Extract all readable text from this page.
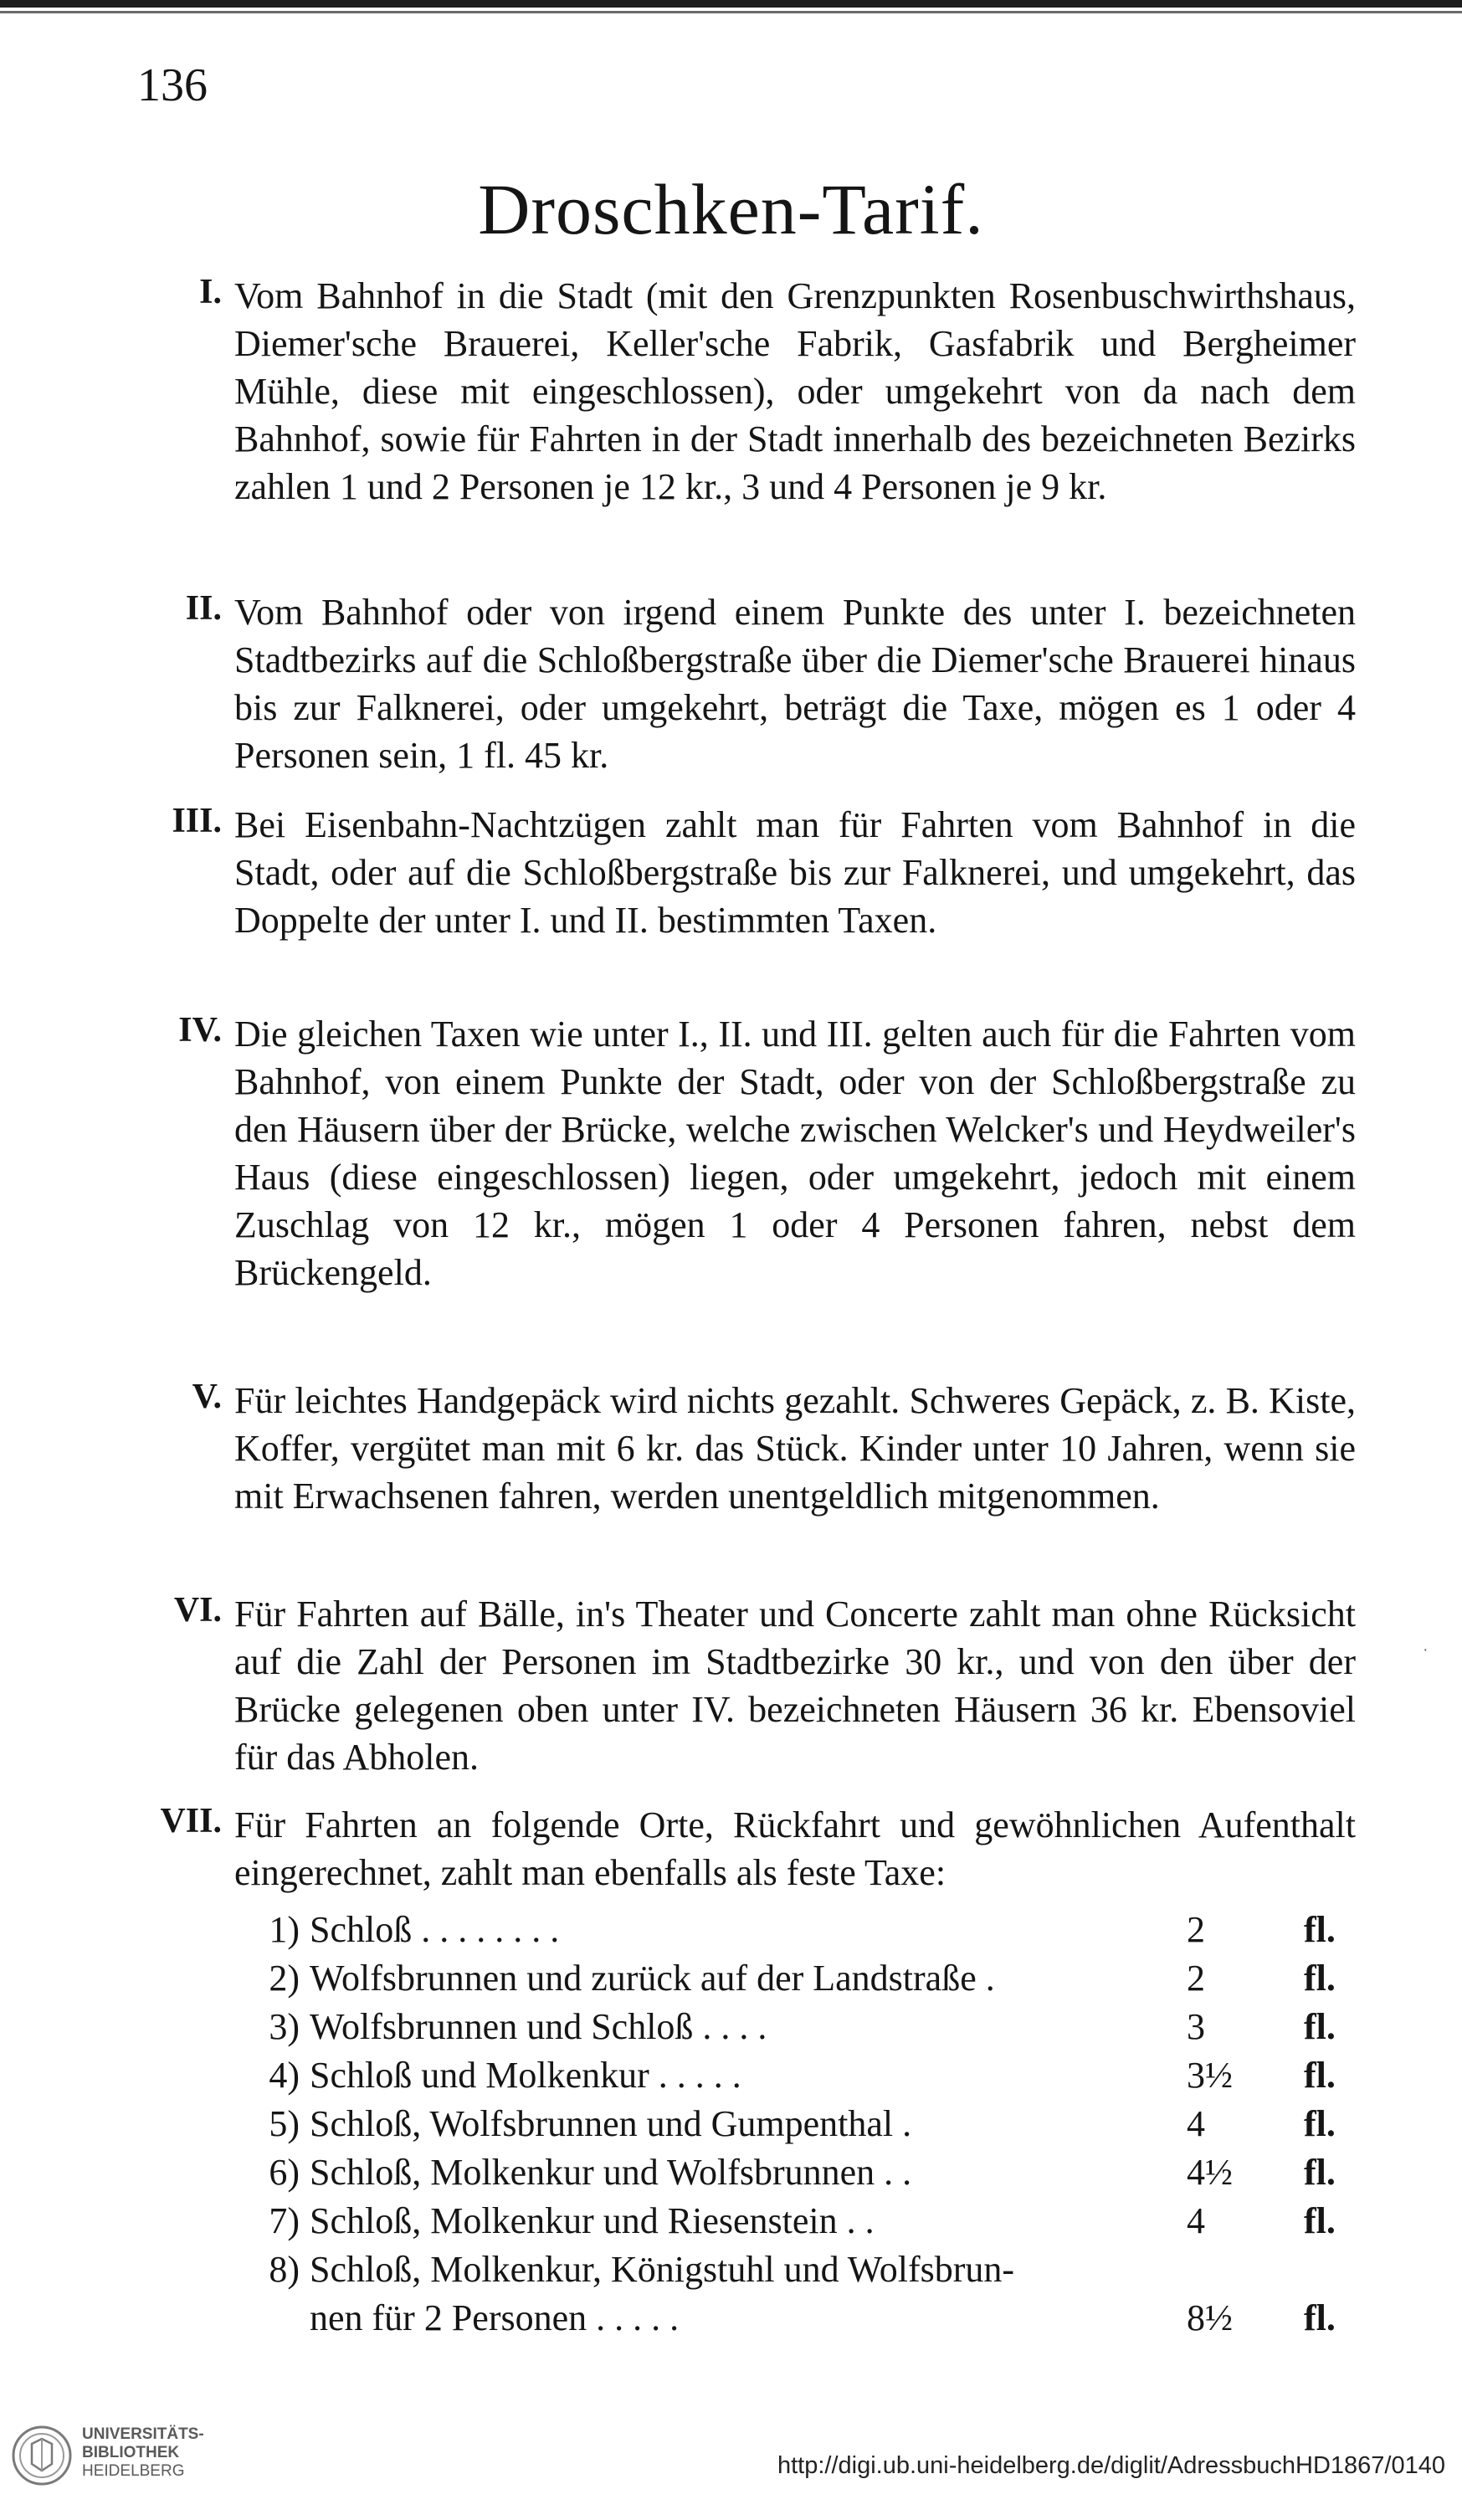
136
Droschken-Tarif.
I. Vom Bahnhof in die Stadt (mit den Grenzpunkten Rosenbuschwirthshaus, Diemer'sche Brauerei, Keller'sche Fabrik, Gasfabrik und Bergheimer Mühle, diese mit eingeschlossen), oder umgekehrt von da nach dem Bahnhof, sowie für Fahrten in der Stadt innerhalb des bezeichneten Bezirks zahlen 1 und 2 Personen je 12 kr., 3 und 4 Personen je 9 kr.
II. Vom Bahnhof oder von irgend einem Punkte des unter I. bezeichneten Stadtbezirks auf die Schloßbergstraße über die Diemer'sche Brauerei hinaus bis zur Falknerei, oder umgekehrt, beträgt die Taxe, mögen es 1 oder 4 Personen sein, 1 fl. 45 kr.
III. Bei Eisenbahn-Nachtzügen zahlt man für Fahrten vom Bahnhof in die Stadt, oder auf die Schloßbergstraße bis zur Falknerei, und umgekehrt, das Doppelte der unter I. und II. bestimmten Taxen.
IV. Die gleichen Taxen wie unter I., II. und III. gelten auch für die Fahrten vom Bahnhof, von einem Punkte der Stadt, oder von der Schloßbergstraße zu den Häusern über der Brücke, welche zwischen Welcker's und Heydweiler's Haus (diese eingeschlossen) liegen, oder umgekehrt, jedoch mit einem Zuschlag von 12 kr., mögen 1 oder 4 Personen fahren, nebst dem Brückengeld.
V. Für leichtes Handgepäck wird nichts gezahlt. Schweres Gepäck, z. B. Kiste, Koffer, vergütet man mit 6 kr. das Stück. Kinder unter 10 Jahren, wenn sie mit Erwachsenen fahren, werden unentgeldlich mitgenommen.
VI. Für Fahrten auf Bälle, in's Theater und Concerte zahlt man ohne Rücksicht auf die Zahl der Personen im Stadtbezirke 30 kr., und von den über der Brücke gelegenen oben unter IV. bezeichneten Häusern 36 kr. Ebensoviel für das Abholen.
VII. Für Fahrten an folgende Orte, Rückfahrt und gewöhnlichen Aufenthalt eingerechnet, zahlt man ebenfalls als feste Taxe:
1) Schloß . . . . . . . .	2	fl.
2) Wolfsbrunnen und zurück auf der Landstraße .	2	fl.
3) Wolfsbrunnen und Schloß . . . .	3	fl.
4) Schloß und Molkenkur . . . . .	3½	fl.
5) Schloß, Wolfsbrunnen und Gumpenthal .	4	fl.
6) Schloß, Molkenkur und Wolfsbrunnen . .	4½	fl.
7) Schloß, Molkenkur und Riesenstein . .	4	fl.
8) Schloß, Molkenkur, Königstuhl und Wolfsbrun-
nen für 2 Personen . . . . .	8½	fl.
·
UNIVERSITÄTS-
BIBLIOTHEK
HEIDELBERG	http://digi.ub.uni-heidelberg.de/diglit/AdressbuchHD1867/0140
